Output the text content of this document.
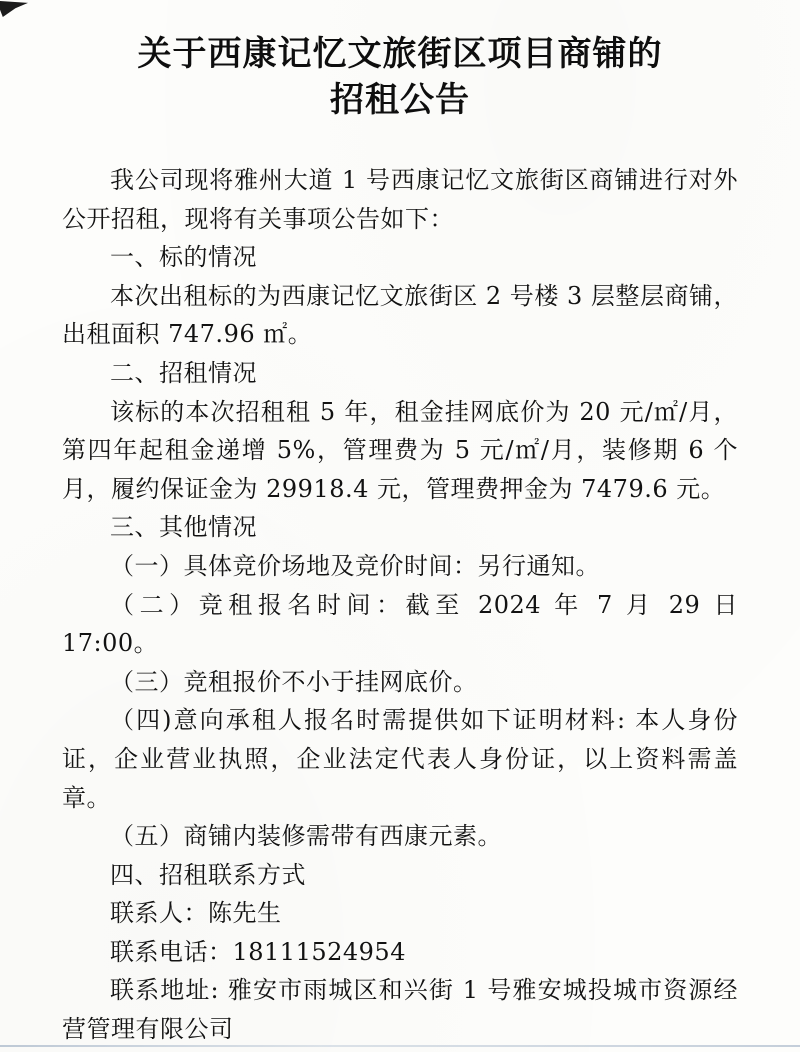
关于西康记忆文旅街区项目商铺的
招租公告

我公司现将雅州大道 1 号西康记忆文旅街区商铺进行对外公开招租，现将有关事项公告如下：

一、标的情况

本次出租标的为西康记忆文旅街区 2 号楼 3 层整层商铺，出租面积 747.96 ㎡。

二、招租情况

该标的本次招租租 5 年，租金挂网底价为 20 元/㎡/月，第四年起租金递增 5%，管理费为 5 元/㎡/月，装修期 6 个月，履约保证金为 29918.4 元，管理费押金为 7479.6 元。

三、其他情况

（一）具体竞价场地及竞价时间：另行通知。

（二）竞租报名时间：截至 2024 年 7 月 29 日 17:00。

（三）竞租报价不小于挂网底价。

（四)意向承租人报名时需提供如下证明材料: 本人身份证，企业营业执照，企业法定代表人身份证，以上资料需盖章。

（五）商铺内装修需带有西康元素。

四、招租联系方式

联系人：陈先生

联系电话：18111524954

联系地址: 雅安市雨城区和兴街 1 号雅安城投城市资源经营管理有限公司
